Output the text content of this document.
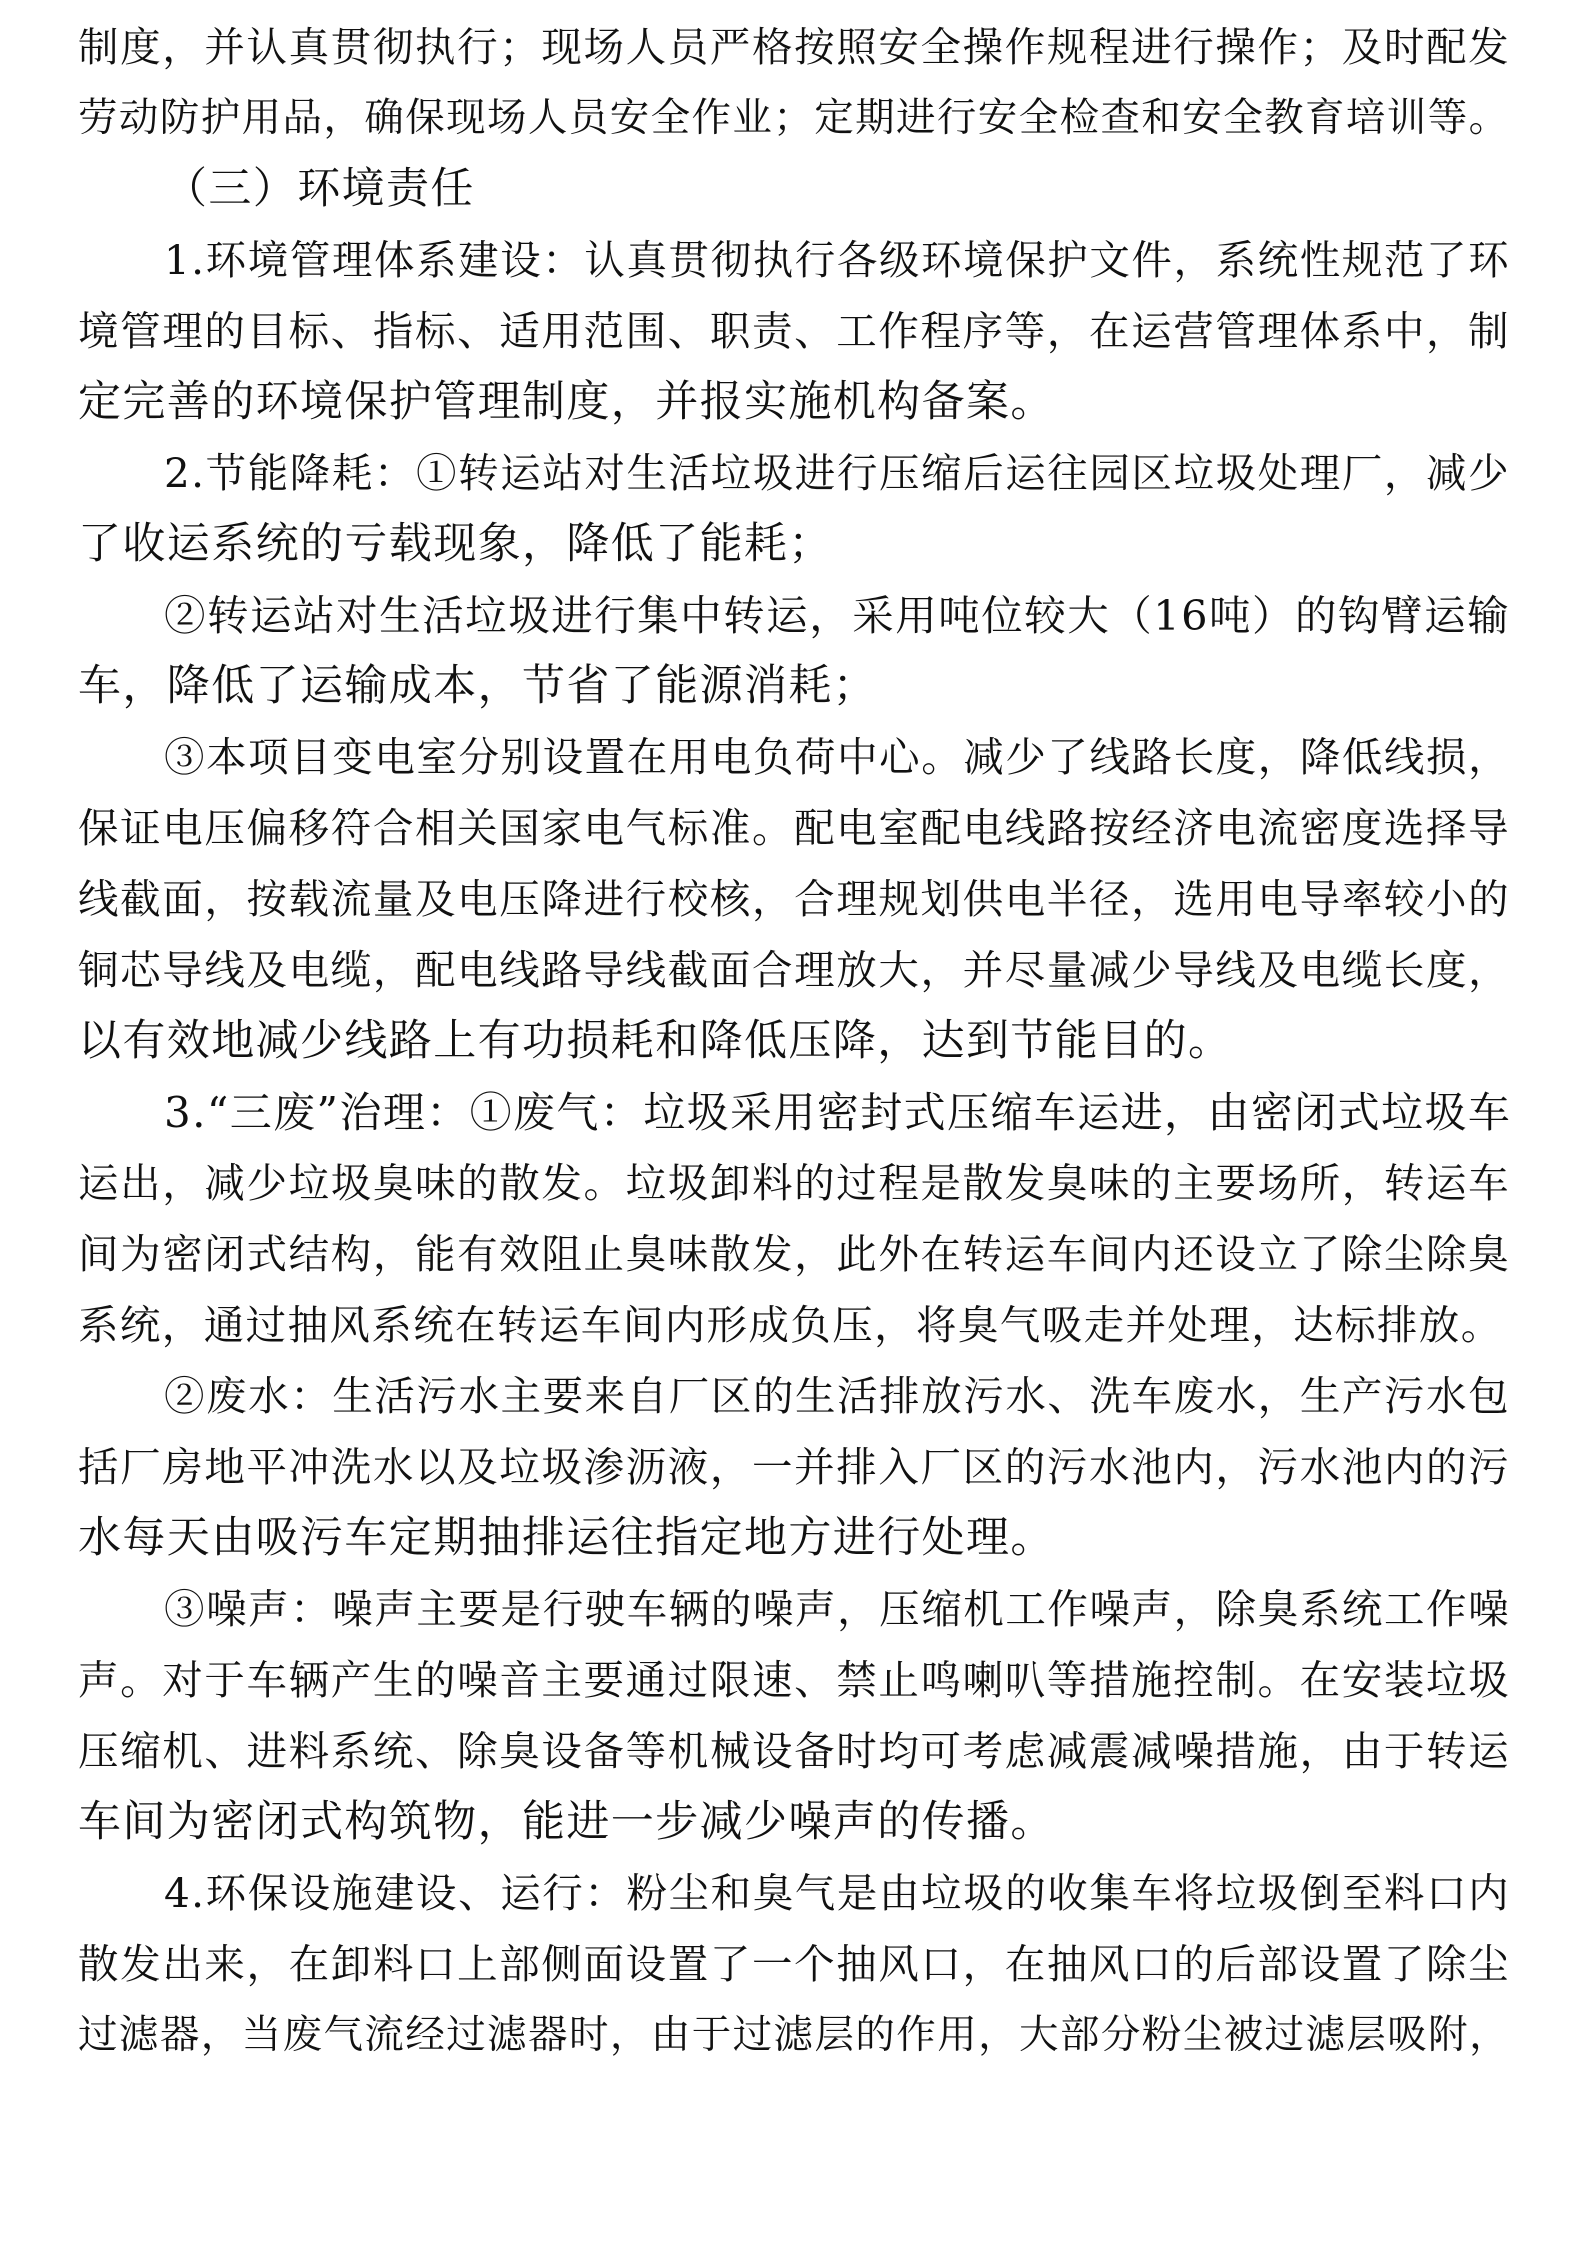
制度，并认真贯彻执行；现场人员严格按照安全操作规程进行操作；及时配发
劳动防护用品，确保现场人员安全作业；定期进行安全检查和安全教育培训等。
（三）环境责任
1.环境管理体系建设：认真贯彻执行各级环境保护文件，系统性规范了环
境管理的目标、指标、适用范围、职责、工作程序等，在运营管理体系中，制
定完善的环境保护管理制度，并报实施机构备案。
2.节能降耗：①转运站对生活垃圾进行压缩后运往园区垃圾处理厂，减少
了收运系统的亏载现象，降低了能耗；
②转运站对生活垃圾进行集中转运，采用吨位较大（16吨）的钩臂运输
车，降低了运输成本，节省了能源消耗；
③本项目变电室分别设置在用电负荷中心。减少了线路长度，降低线损，
保证电压偏移符合相关国家电气标准。配电室配电线路按经济电流密度选择导
线截面，按载流量及电压降进行校核，合理规划供电半径，选用电导率较小的
铜芯导线及电缆，配电线路导线截面合理放大，并尽量减少导线及电缆长度，
以有效地减少线路上有功损耗和降低压降，达到节能目的。
3.“三废”治理：①废气：垃圾采用密封式压缩车运进，由密闭式垃圾车
运出，减少垃圾臭味的散发。垃圾卸料的过程是散发臭味的主要场所，转运车
间为密闭式结构，能有效阻止臭味散发，此外在转运车间内还设立了除尘除臭
系统，通过抽风系统在转运车间内形成负压，将臭气吸走并处理，达标排放。
②废水：生活污水主要来自厂区的生活排放污水、洗车废水，生产污水包
括厂房地平冲洗水以及垃圾渗沥液，一并排入厂区的污水池内，污水池内的污
水每天由吸污车定期抽排运往指定地方进行处理。
③噪声：噪声主要是行驶车辆的噪声，压缩机工作噪声，除臭系统工作噪
声。对于车辆产生的噪音主要通过限速、禁止鸣喇叭等措施控制。在安装垃圾
压缩机、进料系统、除臭设备等机械设备时均可考虑减震减噪措施，由于转运
车间为密闭式构筑物，能进一步减少噪声的传播。
4.环保设施建设、运行：粉尘和臭气是由垃圾的收集车将垃圾倒至料口内
散发出来，在卸料口上部侧面设置了一个抽风口，在抽风口的后部设置了除尘
过滤器，当废气流经过滤器时，由于过滤层的作用，大部分粉尘被过滤层吸附，
